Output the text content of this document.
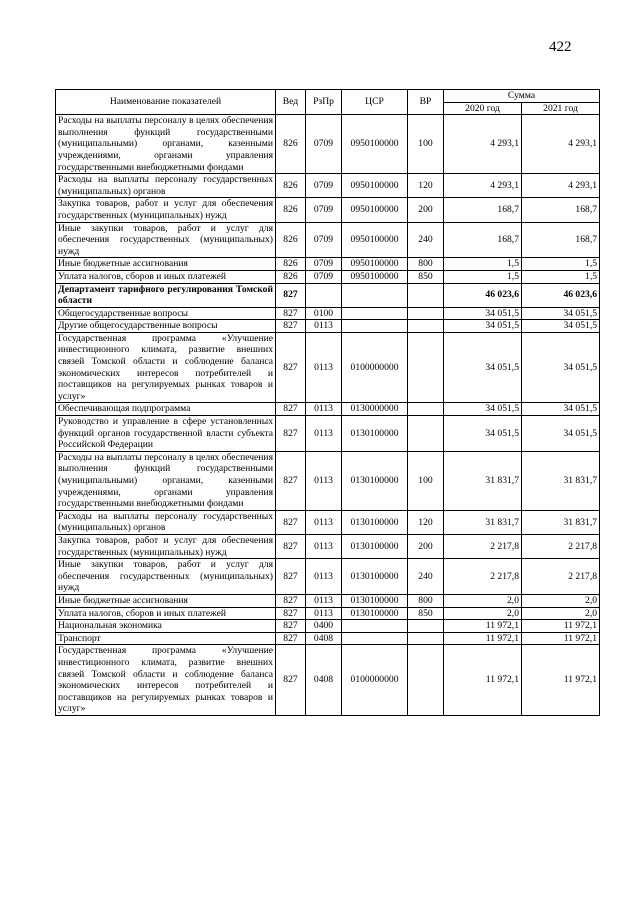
422
Наименование показателей	Вед	РзПр	ЦСР	ВР	Сумма	
					2020 год	2021 год
Расходы на выплаты персоналу в целях обеспечения выполнения функций государственными (муниципальными) органами, казенными учреждениями, органами управления государственными внебюджетными фондами	826	0709	0950100000	100	4 293,1	4 293,1
Расходы на выплаты персоналу государственных (муниципальных) органов	826	0709	0950100000	120	4 293,1	4 293,1
Закупка товаров, работ и услуг для обеспечения государственных (муниципальных) нужд	826	0709	0950100000	200	168,7	168,7
Иные закупки товаров, работ и услуг для обеспечения государственных (муниципальных) нужд	826	0709	0950100000	240	168,7	168,7
Иные бюджетные ассигнования	826	0709	0950100000	800	1,5	1,5
Уплата налогов, сборов и иных платежей	826	0709	0950100000	850	1,5	1,5
Департамент тарифного регулирования Томской области	827				46 023,6	46 023,6
Общегосударственные вопросы	827	0100			34 051,5	34 051,5
Другие общегосударственные вопросы	827	0113			34 051,5	34 051,5
Государственная программа «Улучшение инвестиционного климата, развитие внешних связей Томской области и соблюдение баланса экономических интересов потребителей и поставщиков на регулируемых рынках товаров и услуг»	827	0113	0100000000		34 051,5	34 051,5
Обеспечивающая подпрограмма	827	0113	0130000000		34 051,5	34 051,5
Руководство и управление в сфере установленных функций органов государственной власти субъекта Российской Федерации	827	0113	0130100000		34 051,5	34 051,5
Расходы на выплаты персоналу в целях обеспечения выполнения функций государственными (муниципальными) органами, казенными учреждениями, органами управления государственными внебюджетными фондами	827	0113	0130100000	100	31 831,7	31 831,7
Расходы на выплаты персоналу государственных (муниципальных) органов	827	0113	0130100000	120	31 831,7	31 831,7
Закупка товаров, работ и услуг для обеспечения государственных (муниципальных) нужд	827	0113	0130100000	200	2 217,8	2 217,8
Иные закупки товаров, работ и услуг для обеспечения государственных (муниципальных) нужд	827	0113	0130100000	240	2 217,8	2 217,8
Иные бюджетные ассигнования	827	0113	0130100000	800	2,0	2,0
Уплата налогов, сборов и иных платежей	827	0113	0130100000	850	2,0	2,0
Национальная экономика	827	0400			11 972,1	11 972,1
Транспорт	827	0408			11 972,1	11 972,1
Государственная программа «Улучшение инвестиционного климата, развитие внешних связей Томской области и соблюдение баланса экономических интересов потребителей и поставщиков на регулируемых рынках товаров и услуг»	827	0408	0100000000		11 972,1	11 972,1
